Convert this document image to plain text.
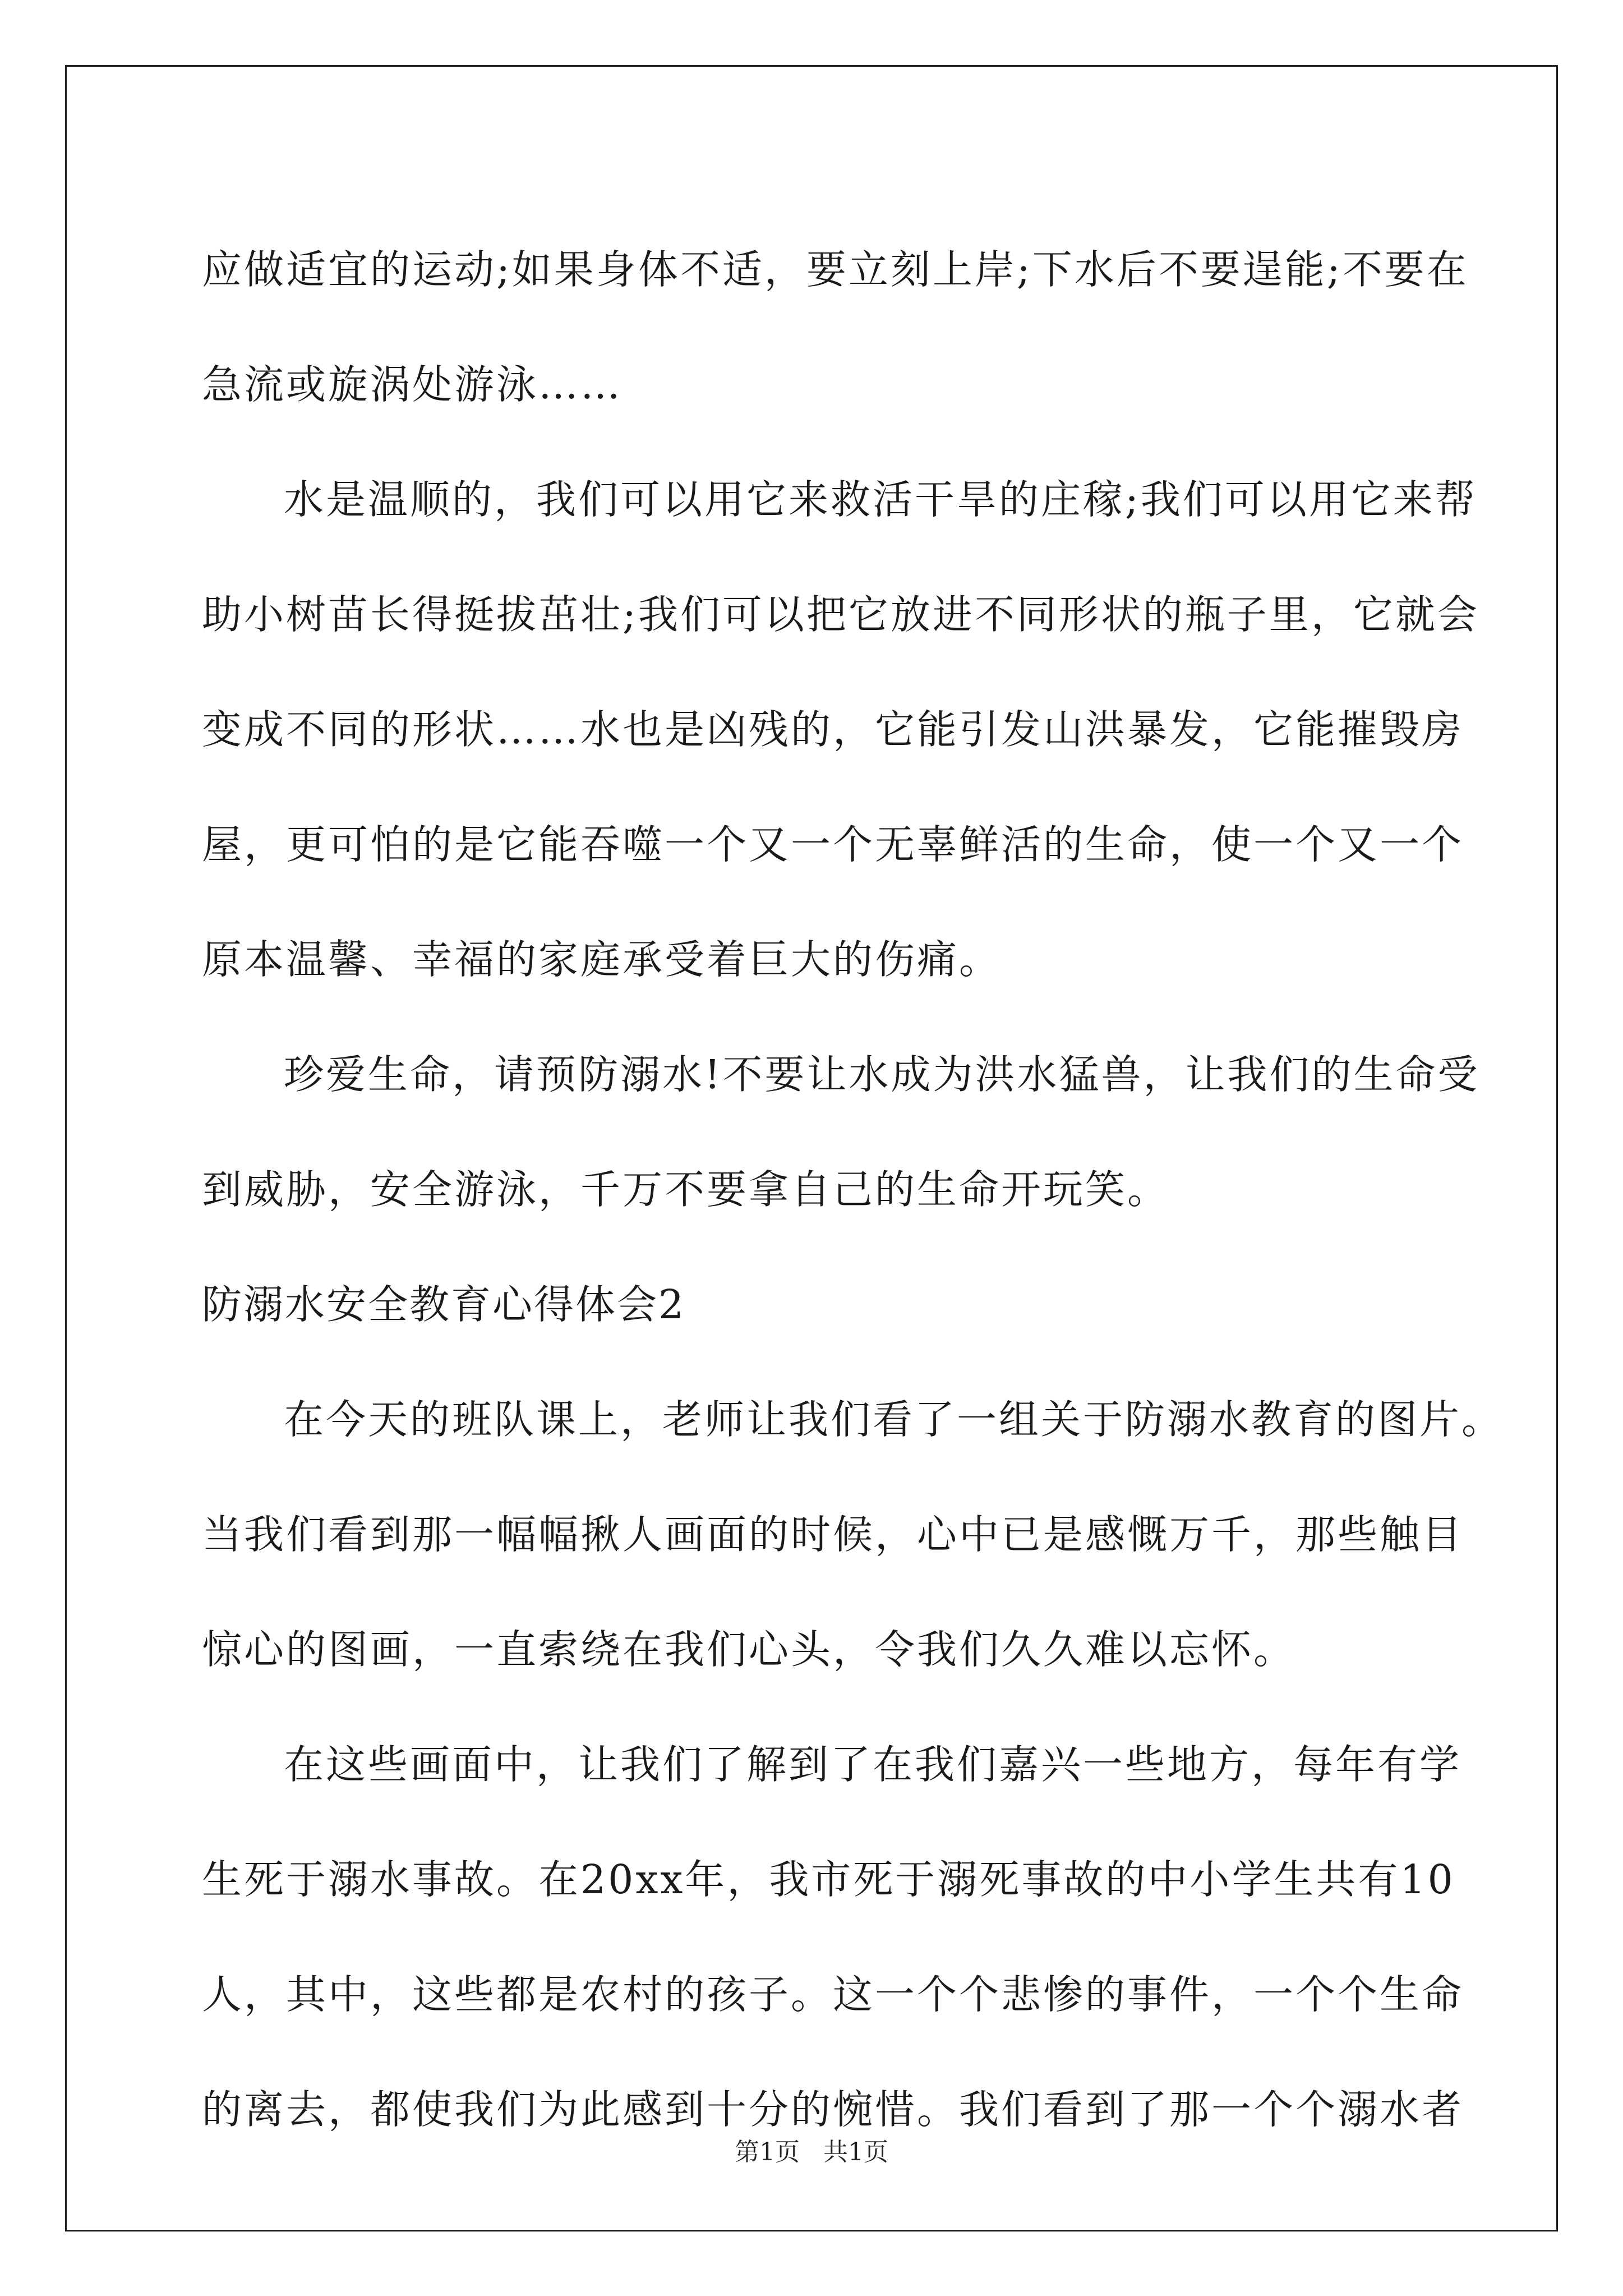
应做适宜的运动;如果身体不适，要立刻上岸;下水后不要逞能;不要在
急流或旋涡处游泳……
水是温顺的，我们可以用它来救活干旱的庄稼;我们可以用它来帮
助小树苗长得挺拔茁壮;我们可以把它放进不同形状的瓶子里，它就会
变成不同的形状……水也是凶残的，它能引发山洪暴发，它能摧毁房
屋，更可怕的是它能吞噬一个又一个无辜鲜活的生命，使一个又一个
原本温馨、幸福的家庭承受着巨大的伤痛。
珍爱生命，请预防溺水!不要让水成为洪水猛兽，让我们的生命受
到威胁，安全游泳，千万不要拿自己的生命开玩笑。
防溺水安全教育心得体会2
在今天的班队课上，老师让我们看了一组关于防溺水教育的图片。
当我们看到那一幅幅揪人画面的时候，心中已是感慨万千，那些触目
惊心的图画，一直索绕在我们心头，令我们久久难以忘怀。
在这些画面中，让我们了解到了在我们嘉兴一些地方，每年有学
生死于溺水事故。在20xx年，我市死于溺死事故的中小学生共有10
人，其中，这些都是农村的孩子。这一个个悲惨的事件，一个个生命
的离去，都使我们为此感到十分的惋惜。我们看到了那一个个溺水者
第1页   共1页
